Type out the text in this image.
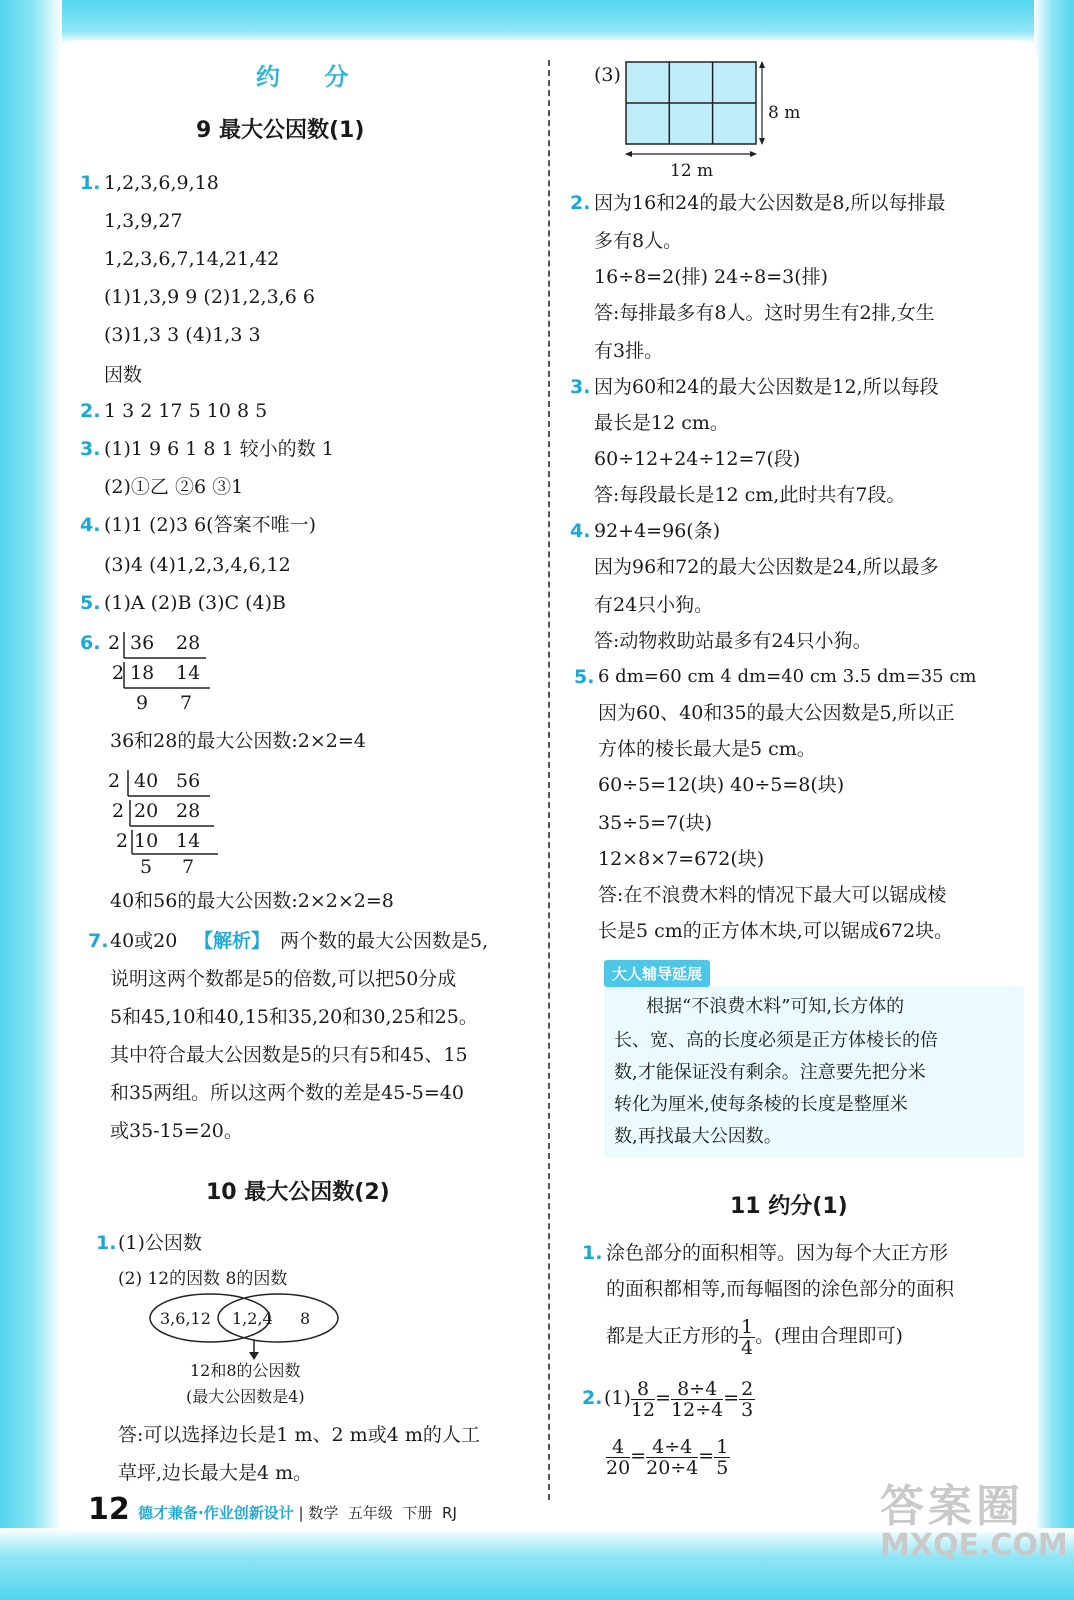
约 分
9 最大公因数(1)
1. 1,2,3,6,9,18
1,3,9,27
1,2,3,6,7,14,21,42
(1)1,3,9 9 (2)1,2,3,6 6
(3)1,3 3 (4)1,3 3
因数
2. 1 3 2 17 5 10 8 5
3. (1)1 9 6 1 8 1 较小的数 1
(2)①乙 ②6 ③1
4. (1)1 (2)3 6(答案不唯一)
(3)4 (4)1,2,3,4,6,12
5. (1)A (2)B (3)C (4)B
6. 2 36 28
2 18 14
9 7
36和28的最大公因数:2×2=4
2 40 56
2 20 28
2 10 14
5 7
40和56的最大公因数:2×2×2=8
7. 40或20 【解析】 两个数的最大公因数是5,
说明这两个数都是5的倍数,可以把50分成
5和45,10和40,15和35,20和30,25和25。
其中符合最大公因数是5的只有5和45、15
和35两组。所以这两个数的差是45-5=40
或35-15=20。
10 最大公因数(2)
1. (1)公因数
(2) 12的因数 8的因数
3,6,12 1,2,4 8
12和8的公因数
(最大公因数是4)
答:可以选择边长是1 m、2 m或4 m的人工
草坪,边长最大是4 m。
(3)
8 m
12 m
2. 因为16和24的最大公因数是8,所以每排最
多有8人。
16÷8=2(排) 24÷8=3(排)
答:每排最多有8人。这时男生有2排,女生
有3排。
3. 因为60和24的最大公因数是12,所以每段
最长是12 cm。
60÷12+24÷12=7(段)
答:每段最长是12 cm,此时共有7段。
4. 92+4=96(条)
因为96和72的最大公因数是24,所以最多
有24只小狗。
答:动物救助站最多有24只小狗。
5. 6 dm=60 cm 4 dm=40 cm 3.5 dm=35 cm
因为60、40和35的最大公因数是5,所以正
方体的棱长最大是5 cm。
60÷5=12(块) 40÷5=8(块)
35÷5=7(块)
12×8×7=672(块)
答:在不浪费木料的情况下最大可以锯成棱
长是5 cm的正方体木块,可以锯成672块。
大人辅导延展
根据“不浪费木料”可知,长方体的
长、宽、高的长度必须是正方体棱长的倍
数,才能保证没有剩余。注意要先把分米
转化为厘米,使每条棱的长度是整厘米
数,再找最大公因数。
11 约分(1)
1. 涂色部分的面积相等。因为每个大正方形
的面积都相等,而每幅图的涂色部分的面积
都是大正方形的 $\frac{1}{4}$ 。(理由合理即可)
2. $(1) \frac{8}{12} = \frac{8\div 4}{12\div 4} = \frac{2}{3}$
$\frac{4}{20} = \frac{4\div 4}{20\div 4} = \frac{1}{5}$
12 德才兼备·作业创新设计 | 数学 五年级 下册 RJ	答案圈
MXQE.COM
